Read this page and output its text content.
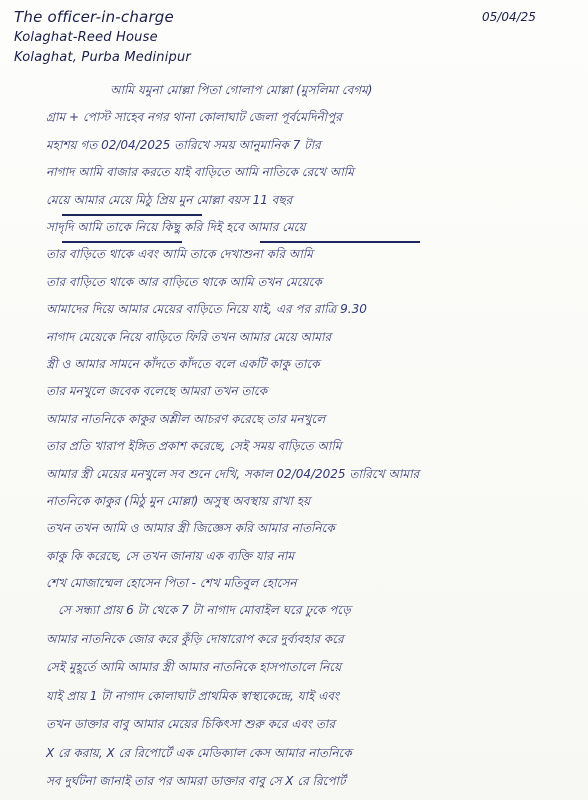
The officer-in-charge
Kolaghat-Reed House
Kolaghat, Purba Medinipur
05/04/25
আমি যমুনা মোল্লা পিতা গোলাপ মোল্লা (মুসলিমা বেগম)
গ্রাম + পোস্ট সাহেব নগর থানা কোলাঘাট জেলা পূর্বমেদিনীপুর
মহাশয় গত 02/04/2025 তারিখে সময় আনুমানিক 7 টার
নাগাদ আমি বাজার করতে যাই বাড়িতে আমি নাতিকে রেখে আমি
মেয়ে আমার মেয়ে মিঠু প্রিয় মুন মোল্লা বয়স 11 বছর
সাদৃদি আমি তাকে নিয়ে কিছু করি দিই হবে আমার মেয়ে
তার বাড়িতে থাকে এবং আমি তাকে দেখাশুনা করি আমি
তার বাড়িতে থাকে আর বাড়িতে থাকে আমি তখন মেয়েকে
আমাদের দিয়ে আমার মেয়ের বাড়িতে নিয়ে যাই, এর পর রাত্রি 9.30
নাগাদ মেয়েকে নিয়ে বাড়িতে ফিরি তখন আমার মেয়ে আমার
স্ত্রী ও আমার সামনে কাঁদতে কাঁদতে বলে একটি কাকু তাকে
তার মনখুলে জবেক বলেছে আমরা তখন তাকে
আমার নাতনিকে কাকুর অশ্লীল আচরণ করেছে তার মনখুলে
তার প্রতি খারাপ ইঙ্গিত প্রকাশ করেছে, সেই সময় বাড়িতে আমি
আমার স্ত্রী মেয়ের মনখুলে সব শুনে দেখি, সকাল 02/04/2025 তারিখে আমার
নাতনিকে কাকুর (মিঠু মুন মোল্লা) অসুস্থ অবস্থায় রাখা হয়
তখন তখন আমি ও আমার স্ত্রী জিজ্ঞেস করি আমার নাতনিকে
কাকু কি করেছে, সে তখন জানায় এক ব্যক্তি যার নাম
শেখ মোজাম্মেল হোসেন পিতা - শেখ মতিবুল হোসেন
সে সন্ধ্যা প্রায় 6 টা থেকে 7 টা নাগাদ মোবাইল ঘরে ঢুকে পড়ে
আমার নাতনিকে জোর করে কুঁড়ি দোষারোপ করে দুর্ব্যবহার করে
সেই মুহূর্তে আমি আমার স্ত্রী আমার নাতনিকে হাসপাতালে নিয়ে
যাই প্রায় 1 টা নাগাদ কোলাঘাট প্রাথমিক স্বাস্থ্যকেন্দ্রে, যাই এবং
তখন ডাক্তার বাবু আমার মেয়ের চিকিৎসা শুরু করে এবং তার
X রে করায়, X রে রিপোর্টে এক মেডিক্যাল কেস আমার নাতনিকে
সব দুর্ঘটনা জানাই তার পর আমরা ডাক্তার বাবু সে X রে রিপোর্ট
